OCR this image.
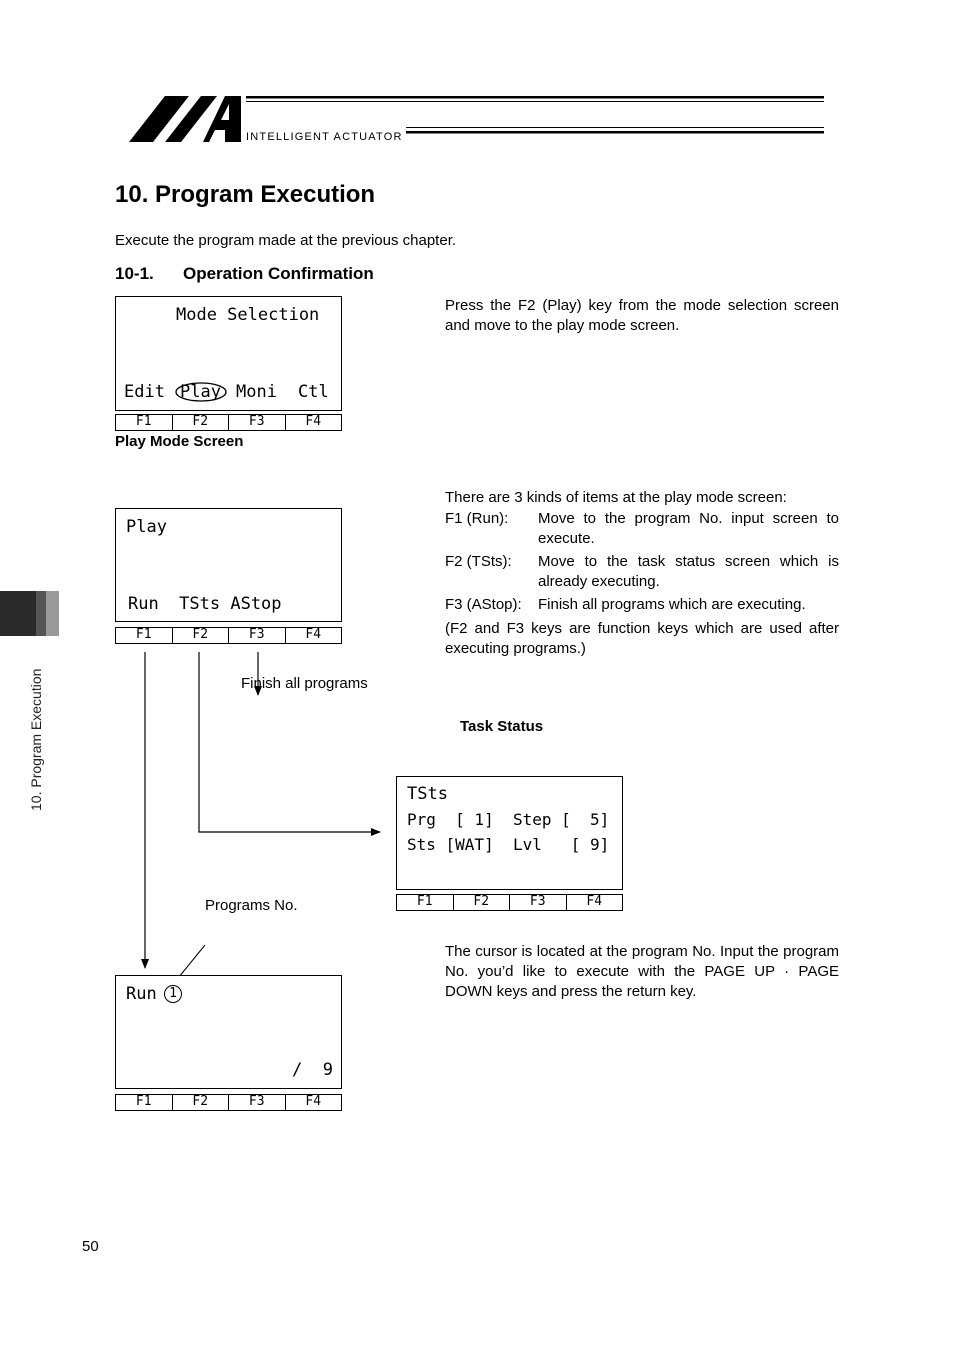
INTELLIGENT ACTUATOR
10. Program Execution
Execute the program made at the previous chapter.
10-1. Operation Confirmation
Mode Selection
Edit Play Moni Ctl
F1	F2	F3	F4
Play Mode Screen
Press the F2 (Play) key from the mode selection screen and move to the play mode screen.
Play
Run  TSts AStop
F1	F2	F3	F4
There are 3 kinds of items at the play mode screen:
F1 (Run): Move to the program No. input screen to execute.
F2 (TSts): Move to the task status screen which is already executing.
F3 (AStop): Finish all programs which are executing.
(F2 and F3 keys are function keys which are used after executing programs.)
Finish all programs
Task Status
TSts
Prg  [ 1]  Step [  5]
Sts [WAT]  Lvl   [ 9]
F1	F2	F3	F4
Programs No.
Run
/  9
1
F1	F2	F3	F4
The cursor is located at the program No. Input the program No. you’d like to execute with the PAGE UP · PAGE DOWN keys and press the return key.
10. Program Execution
50
